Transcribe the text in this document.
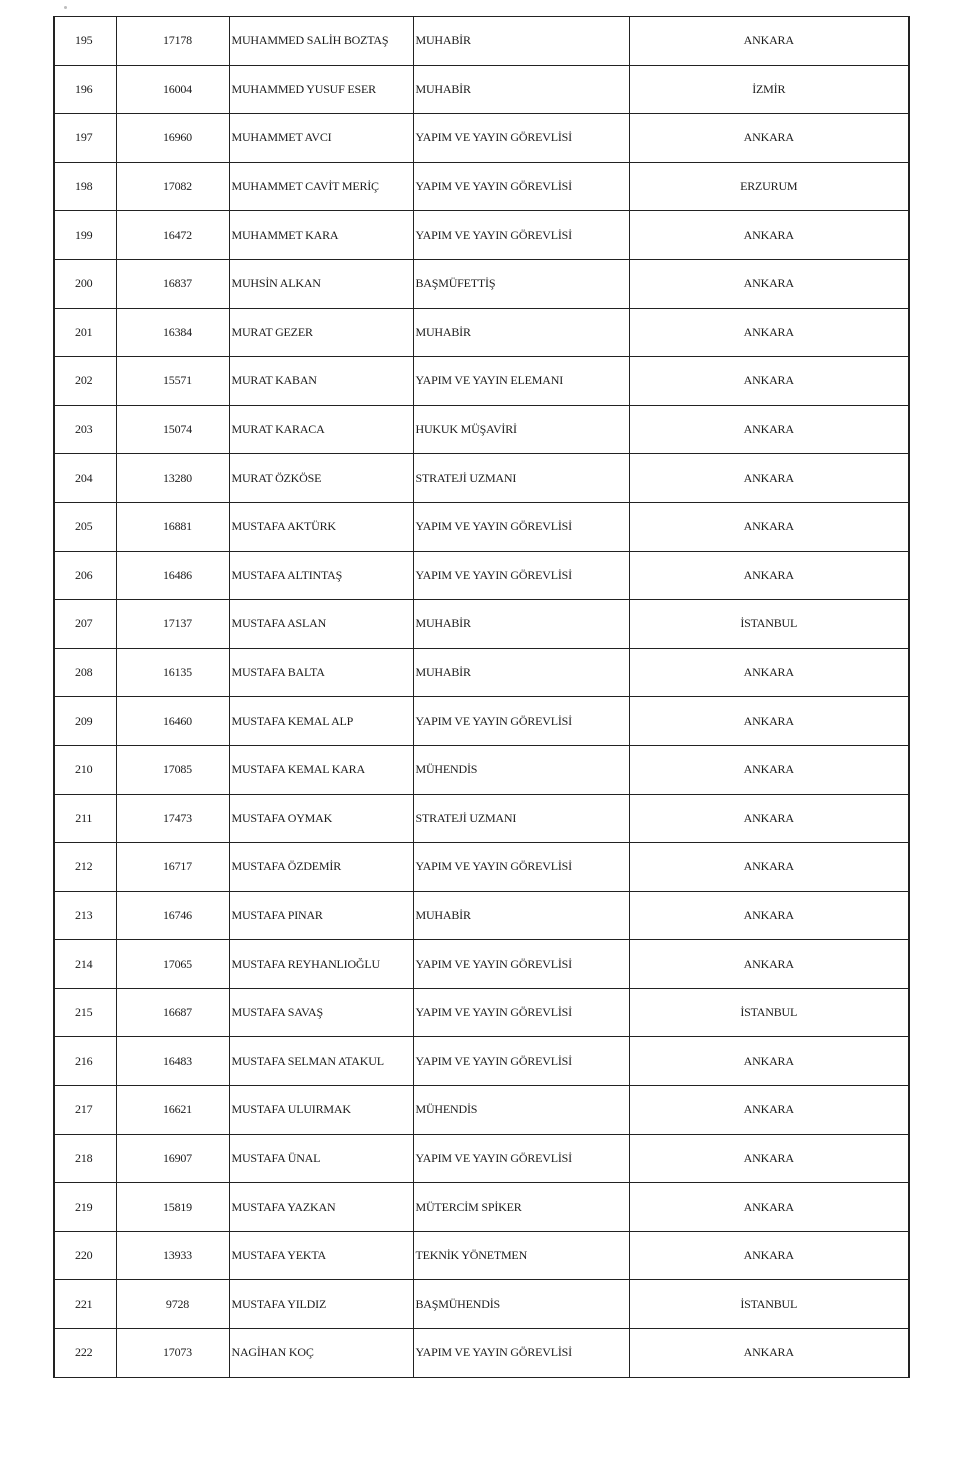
195	17178	MUHAMMED SALİH BOZTAŞ	MUHABİR	ANKARA
196	16004	MUHAMMED YUSUF ESER	MUHABİR	İZMİR
197	16960	MUHAMMET AVCI	YAPIM VE YAYIN GÖREVLİSİ	ANKARA
198	17082	MUHAMMET CAVİT MERİÇ	YAPIM VE YAYIN GÖREVLİSİ	ERZURUM
199	16472	MUHAMMET KARA	YAPIM VE YAYIN GÖREVLİSİ	ANKARA
200	16837	MUHSİN ALKAN	BAŞMÜFETTİŞ	ANKARA
201	16384	MURAT GEZER	MUHABİR	ANKARA
202	15571	MURAT KABAN	YAPIM VE YAYIN ELEMANI	ANKARA
203	15074	MURAT KARACA	HUKUK MÜŞAVİRİ	ANKARA
204	13280	MURAT ÖZKÖSE	STRATEJİ UZMANI	ANKARA
205	16881	MUSTAFA AKTÜRK	YAPIM VE YAYIN GÖREVLİSİ	ANKARA
206	16486	MUSTAFA ALTINTAŞ	YAPIM VE YAYIN GÖREVLİSİ	ANKARA
207	17137	MUSTAFA ASLAN	MUHABİR	İSTANBUL
208	16135	MUSTAFA BALTA	MUHABİR	ANKARA
209	16460	MUSTAFA KEMAL ALP	YAPIM VE YAYIN GÖREVLİSİ	ANKARA
210	17085	MUSTAFA KEMAL KARA	MÜHENDİS	ANKARA
211	17473	MUSTAFA OYMAK	STRATEJİ UZMANI	ANKARA
212	16717	MUSTAFA ÖZDEMİR	YAPIM VE YAYIN GÖREVLİSİ	ANKARA
213	16746	MUSTAFA PINAR	MUHABİR	ANKARA
214	17065	MUSTAFA REYHANLIOĞLU	YAPIM VE YAYIN GÖREVLİSİ	ANKARA
215	16687	MUSTAFA SAVAŞ	YAPIM VE YAYIN GÖREVLİSİ	İSTANBUL
216	16483	MUSTAFA SELMAN ATAKUL	YAPIM VE YAYIN GÖREVLİSİ	ANKARA
217	16621	MUSTAFA ULUIRMAK	MÜHENDİS	ANKARA
218	16907	MUSTAFA ÜNAL	YAPIM VE YAYIN GÖREVLİSİ	ANKARA
219	15819	MUSTAFA YAZKAN	MÜTERCİM SPİKER	ANKARA
220	13933	MUSTAFA YEKTA	TEKNİK YÖNETMEN	ANKARA
221	9728	MUSTAFA YILDIZ	BAŞMÜHENDİS	İSTANBUL
222	17073	NAGİHAN KOÇ	YAPIM VE YAYIN GÖREVLİSİ	ANKARA
